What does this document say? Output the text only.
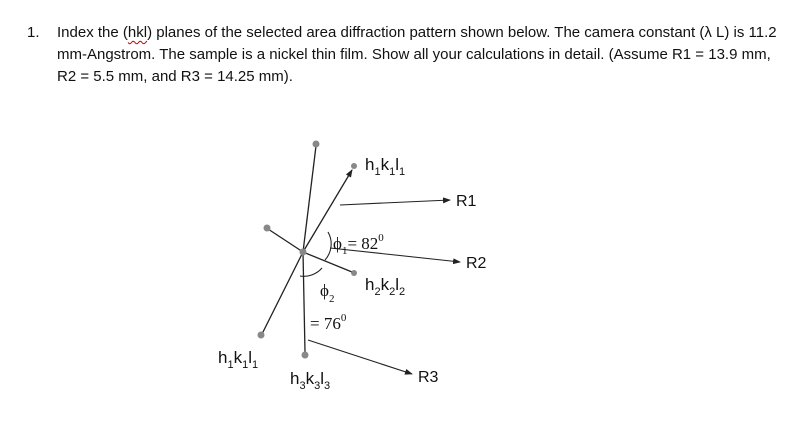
1. Index the (hkl) planes of the selected area diffraction pattern shown below. The camera constant (λ L) is 11.2 mm-Angstrom. The sample is a nickel thin film. Show all your calculations in detail. (Assume R1 = 13.9 mm, R2 = 5.5 mm, and R3 = 14.25 mm).
R1
R2
R3
$\phi_1= 82^0$
$\phi_2$
= $76^0$
$h_1k_1l_1$
$h_2k_2l_2$
$h_3k_3l_3$
$h_1k_1l_1$
